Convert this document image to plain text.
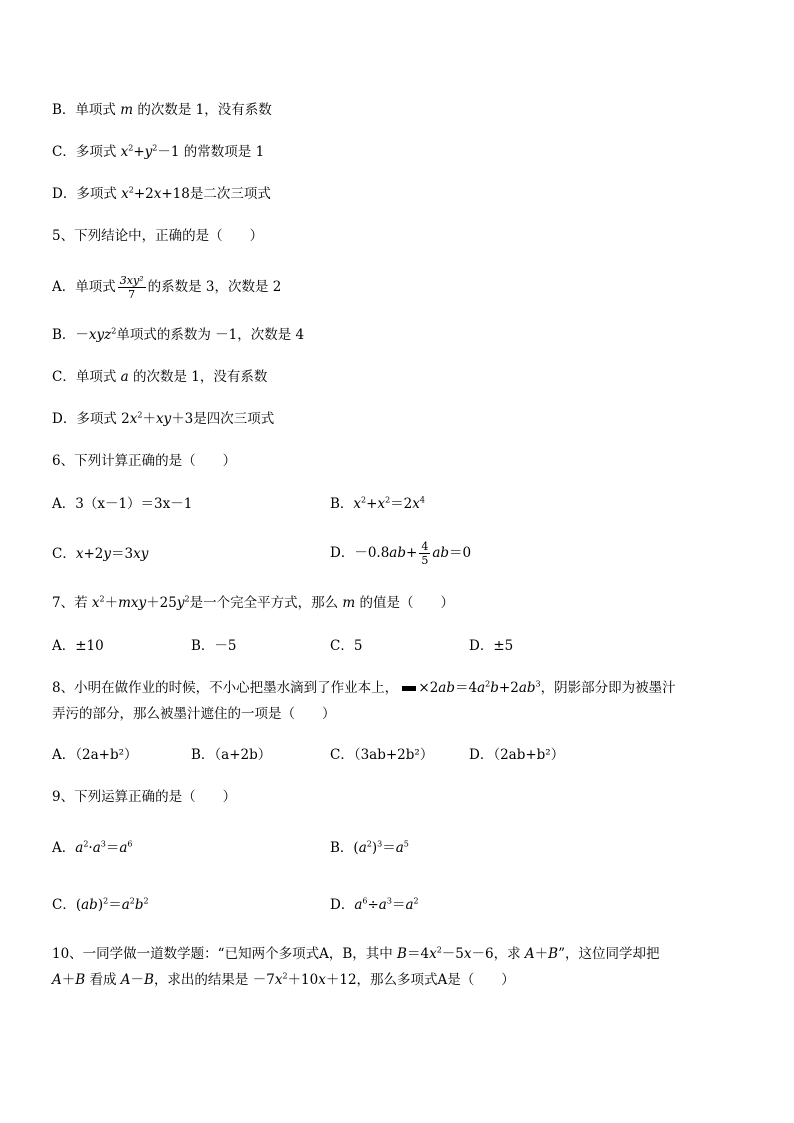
B．单项式 m 的次数是 1，没有系数
C．多项式 $x^2+y^2-1$ 的常数项是 1
D．多项式 $x^2+2x+18$是二次三项式
5、下列结论中，正确的是（　　）
A．单项式 $\frac{\text{3xy²}}{7}$ 的系数是 3，次数是 2
B．－xyz$^2$单项式的系数为 －1，次数是 4
C．单项式 a 的次数是 1，没有系数
D．多项式 $2x^2+xy+3$是四次三项式
6、下列计算正确的是（　　）
A．3（x－1）＝3x－1	B．$x^2+x^2=2x^4$
C．x+2y＝3xy	D．$-0.8ab+ \frac{4}{5} ab=0$
7、若 $x^2+mxy+25y^2$是一个完全平方式，那么 m 的值是（　　）
A．±10	B．－5	C．5	D．±5
8、小明在做作业的时候，不小心把墨水滴到了作业本上， $\times 2ab=4a^2b+2ab^3$，阴影部分即为被墨汁
弄污的部分，那么被墨汁遮住的一项是（　　）
A．（2a+b²）	B．（a+2b）	C．（3ab+2b²）	D．（2ab+b²）
9、下列运算正确的是（　　）
A．$a^2\cdot a^3=a^6$	B．$(a^2)^3=a^5$
C．$(ab)^2=a^2b^2$	D．$a^6\div a^3=a^2$
10、一同学做一道数学题：“已知两个多项式A，B，其中 $B=4x^2-5x-6$，求 A＋B”，这位同学却把
A＋B 看成 A－B，求出的结果是 $-7x^2+10x+12$，那么多项式A是（　　）
